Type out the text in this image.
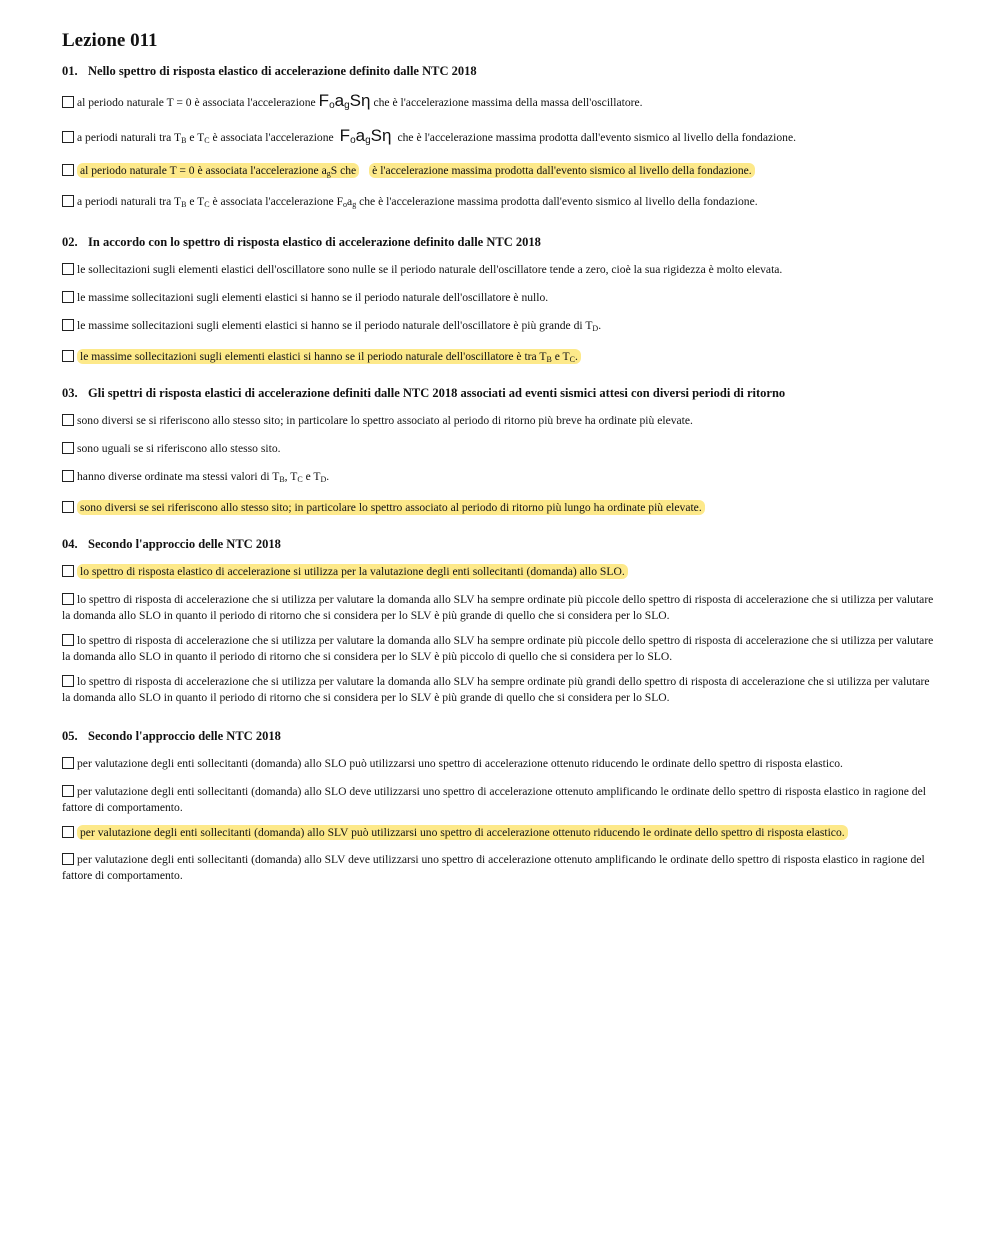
Lezione 011

01. Nello spettro di risposta elastico di accelerazione definito dalle NTC 2018

al periodo naturale T = 0 è associata l'accelerazione $F_oa_gS\eta$ che è l'accelerazione massima della massa dell'oscillatore.

a periodi naturali tra $T_B$ e $T_C$ è associata l'accelerazione $F_oa_gS\eta$ che è l'accelerazione massima prodotta dall'evento sismico al livello della fondazione.

al periodo naturale T = 0 è associata l'accelerazione $a_gS$ che è l'accelerazione massima prodotta dall'evento sismico al livello della fondazione.

a periodi naturali tra $T_B$ e $T_C$ è associata l'accelerazione $F_oa_g$ che è l'accelerazione massima prodotta dall'evento sismico al livello della fondazione.

02. In accordo con lo spettro di risposta elastico di accelerazione definito dalle NTC 2018

le sollecitazioni sugli elementi elastici dell'oscillatore sono nulle se il periodo naturale dell'oscillatore tende a zero, cioè la sua rigidezza è molto elevata.

le massime sollecitazioni sugli elementi elastici si hanno se il periodo naturale dell'oscillatore è nullo.

le massime sollecitazioni sugli elementi elastici si hanno se il periodo naturale dell'oscillatore è più grande di $T_D$.

le massime sollecitazioni sugli elementi elastici si hanno se il periodo naturale dell'oscillatore è tra $T_B$ e $T_C$.

03. Gli spettri di risposta elastici di accelerazione definiti dalle NTC 2018 associati ad eventi sismici attesi con diversi periodi di ritorno

sono diversi se si riferiscono allo stesso sito; in particolare lo spettro associato al periodo di ritorno più breve ha ordinate più elevate.

sono uguali se si riferiscono allo stesso sito.

hanno diverse ordinate ma stessi valori di $T_B$, $T_C$ e $T_D$.

sono diversi se sei riferiscono allo stesso sito; in particolare lo spettro associato al periodo di ritorno più lungo ha ordinate più elevate.

04. Secondo l'approccio delle NTC 2018

lo spettro di risposta elastico di accelerazione si utilizza per la valutazione degli enti sollecitanti (domanda) allo SLO.

lo spettro di risposta di accelerazione che si utilizza per valutare la domanda allo SLV ha sempre ordinate più piccole dello spettro di risposta di accelerazione che si utilizza per valutare la domanda allo SLO in quanto il periodo di ritorno che si considera per lo SLV è più grande di quello che si considera per lo SLO.

lo spettro di risposta di accelerazione che si utilizza per valutare la domanda allo SLV ha sempre ordinate più piccole dello spettro di risposta di accelerazione che si utilizza per valutare la domanda allo SLO in quanto il periodo di ritorno che si considera per lo SLV è più piccolo di quello che si considera per lo SLO.

lo spettro di risposta di accelerazione che si utilizza per valutare la domanda allo SLV ha sempre ordinate più grandi dello spettro di risposta di accelerazione che si utilizza per valutare la domanda allo SLO in quanto il periodo di ritorno che si considera per lo SLV è più grande di quello che si considera per lo SLO.

05. Secondo l'approccio delle NTC 2018

per valutazione degli enti sollecitanti (domanda) allo SLO può utilizzarsi uno spettro di accelerazione ottenuto riducendo le ordinate dello spettro di risposta elastico.

per valutazione degli enti sollecitanti (domanda) allo SLO deve utilizzarsi uno spettro di accelerazione ottenuto amplificando le ordinate dello spettro di risposta elastico in ragione del fattore di comportamento.

per valutazione degli enti sollecitanti (domanda) allo SLV può utilizzarsi uno spettro di accelerazione ottenuto riducendo le ordinate dello spettro di risposta elastico.

per valutazione degli enti sollecitanti (domanda) allo SLV deve utilizzarsi uno spettro di accelerazione ottenuto amplificando le ordinate dello spettro di risposta elastico in ragione del fattore di comportamento.
